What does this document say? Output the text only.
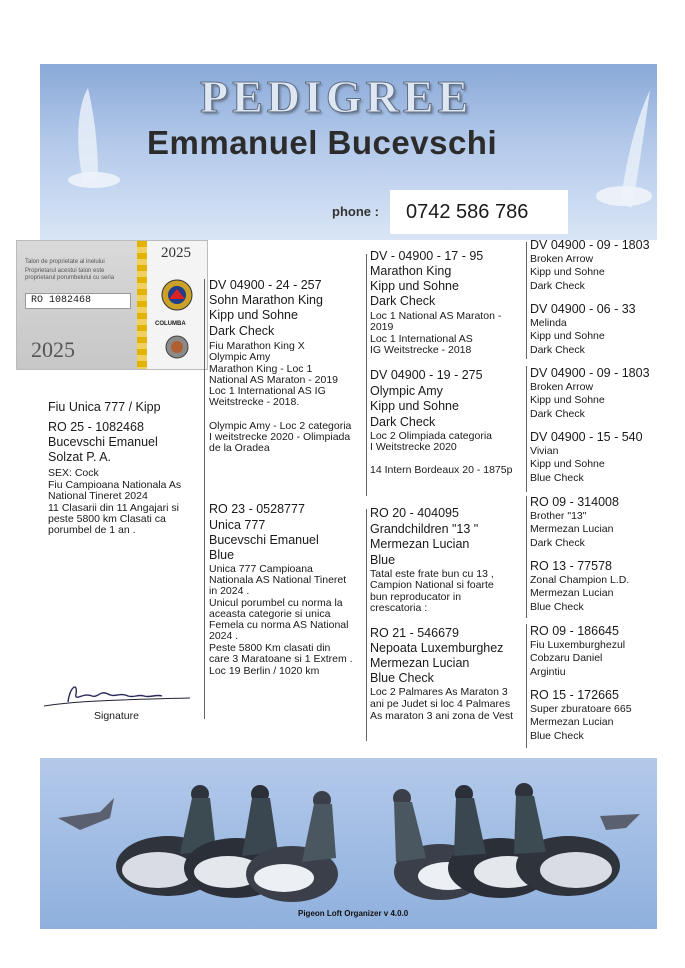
PEDIGREE
Emmanuel Bucevschi
phone : 0742 586 786
Talon de proprietate al inelului
Proprietarul acestui talon este
proprietarul porumbelului cu seria
RO 1082468
2025
2025
COLUMBA
Fiu Unica 777 / Kipp
RO 25 - 1082468
Bucevschi Emanuel
Solzat P. A.
SEX: Cock
Fiu Campioana Nationala As
National Tineret 2024
11 Clasarii din 11 Angajari si
peste 5800 km Clasati ca
porumbel de 1 an .
Signature
DV 04900 - 24 - 257
Sohn Marathon King
Kipp und Sohne
Dark Check
Fiu Marathon King X
Olympic Amy
Marathon King - Loc 1
National AS Maraton - 2019
Loc 1 International AS IG
Weitstrecke - 2018.
Olympic Amy - Loc 2 categoria
I weitstrecke 2020 - Olimpiada
de la Oradea
RO 23 - 0528777
Unica 777
Bucevschi Emanuel
Blue
Unica 777 Campioana
Nationala AS National Tineret
in 2024 .
Unicul porumbel cu norma la
aceasta categorie si unica
Femela cu norma AS National
2024 .
Peste 5800 Km clasati din
care 3 Maratoane si 1 Extrem .
Loc 19 Berlin / 1020 km
DV - 04900 - 17 - 95
Marathon King
Kipp und Sohne
Dark Check
Loc 1 National AS Maraton -
2019
Loc 1 International AS
IG Weitstrecke - 2018
DV 04900 - 19 - 275
Olympic Amy
Kipp und Sohne
Dark Check
Loc 2 Olimpiada categoria
I Weitstrecke 2020
14 Intern Bordeaux 20 - 1875p
RO 20 - 404095
Grandchildren "13 "
Mermezan Lucian
Blue
Tatal este frate bun cu 13 ,
Campion National si foarte
bun reproducator in
crescatoria :
RO 21 - 546679
Nepoata Luxemburghez
Mermezan Lucian
Blue Check
Loc 2 Palmares As Maraton 3
ani pe Judet si loc 4 Palmares
As maraton 3 ani zona de Vest
DV 04900 - 09 - 1803
Broken Arrow
Kipp und Sohne
Dark Check
DV 04900 - 06 - 33
Melinda
Kipp und Sohne
Dark Check
DV 04900 - 09 - 1803
Broken Arrow
Kipp und Sohne
Dark Check
DV 04900 - 15 - 540
Vivian
Kipp und Sohne
Blue Check
RO 09 - 314008
Brother "13"
Mermezan Lucian
Dark Check
RO 13 - 77578
Zonal Champion L.D.
Mermezan Lucian
Blue Check
RO 09 - 186645
Fiu Luxemburghezul
Cobzaru Daniel
Argintiu
RO 15 - 172665
Super zburatoare 665
Mermezan Lucian
Blue Check
Pigeon Loft Organizer v 4.0.0
